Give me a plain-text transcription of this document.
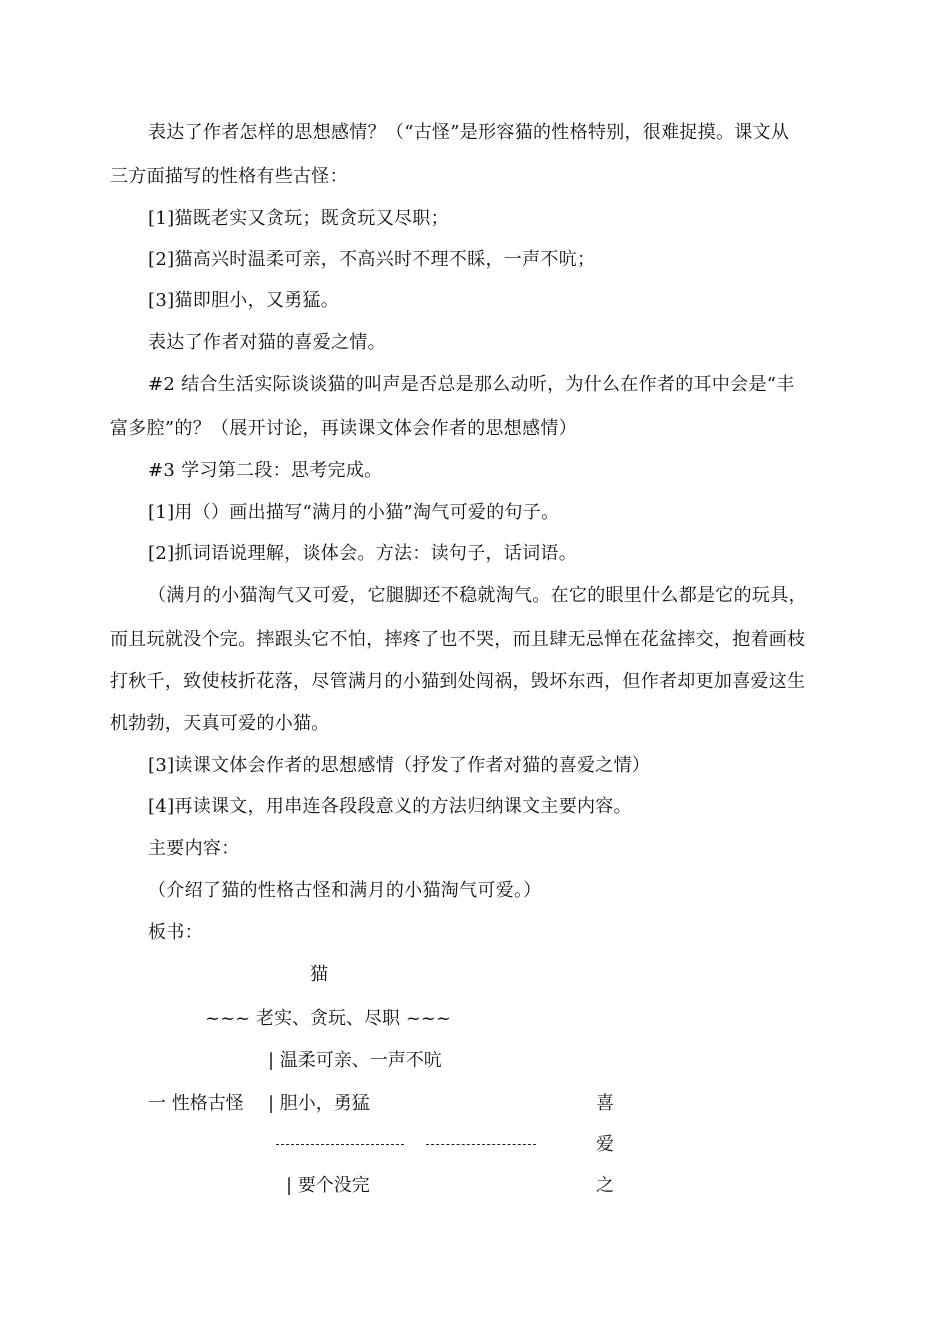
表达了作者怎样的思想感情？（“古怪”是形容猫的性格特别，很难捉摸。课文从
三方面描写的性格有些古怪：
[1]猫既老实又贪玩；既贪玩又尽职；
[2]猫高兴时温柔可亲，不高兴时不理不睬，一声不吭；
[3]猫即胆小，又勇猛。
表达了作者对猫的喜爱之情。
#2 结合生活实际谈谈猫的叫声是否总是那么动听，为什么在作者的耳中会是“丰
富多腔”的？（展开讨论，再读课文体会作者的思想感情）
#3 学习第二段：思考完成。
[1]用（）画出描写“满月的小猫”淘气可爱的句子。
[2]抓词语说理解，谈体会。方法：读句子，话词语。
（满月的小猫淘气又可爱，它腿脚还不稳就淘气。在它的眼里什么都是它的玩具，
而且玩就没个完。摔跟头它不怕，摔疼了也不哭，而且肆无忌惮在花盆摔交，抱着画枝
打秋千，致使枝折花落，尽管满月的小猫到处闯祸，毁坏东西，但作者却更加喜爱这生
机勃勃，天真可爱的小猫。
[3]读课文体会作者的思想感情（抒发了作者对猫的喜爱之情）
[4]再读课文，用串连各段段意义的方法归纳课文主要内容。
主要内容：
（介绍了猫的性格古怪和满月的小猫淘气可爱。）
板书：
猫
~~~ 老实、贪玩、尽职 ~~~
| 温柔可亲、一声不吭
一 性格古怪 | 胆小，勇猛
| 要个没完
喜
爱
之
